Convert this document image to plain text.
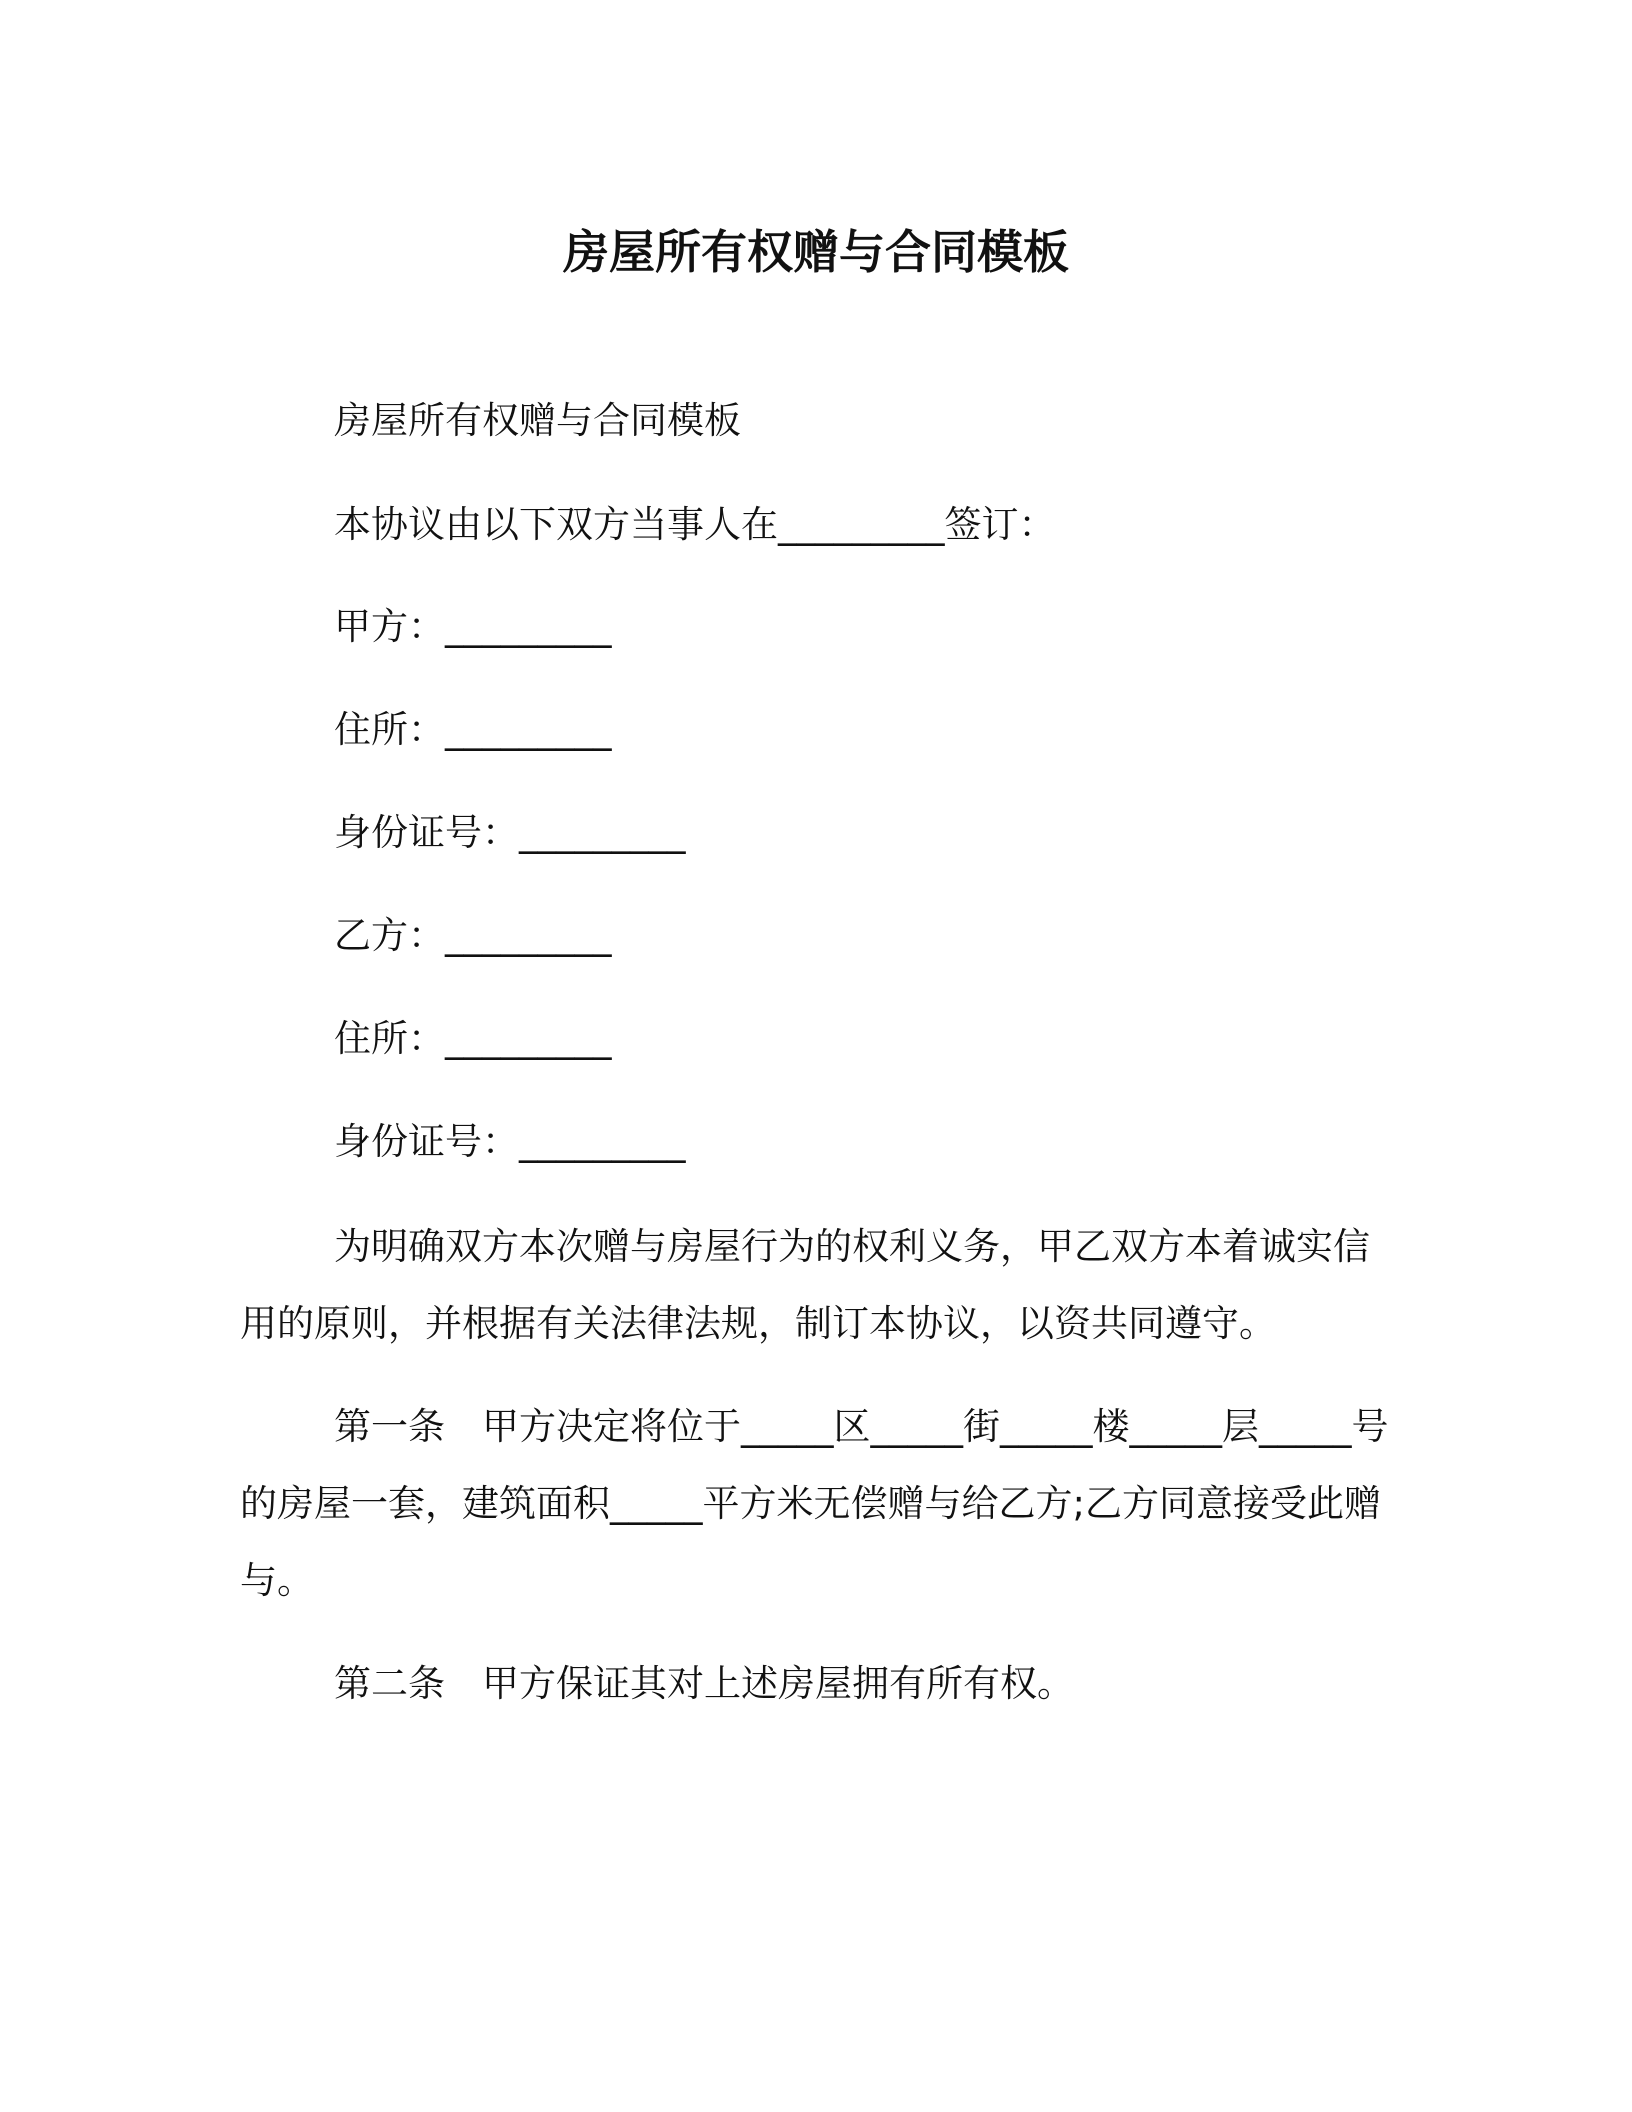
房屋所有权赠与合同模板
房屋所有权赠与合同模板
本协议由以下双方当事人在_________签订：
甲方：_________
住所：_________
身份证号：_________
乙方：_________
住所：_________
身份证号：_________
为明确双方本次赠与房屋行为的权利义务，甲乙双方本着诚实信用的原则，并根据有关法律法规，制订本协议，以资共同遵守。
第一条　甲方决定将位于_____区_____街_____楼_____层_____号的房屋一套，建筑面积_____平方米无偿赠与给乙方;乙方同意接受此赠与。
第二条　甲方保证其对上述房屋拥有所有权。
